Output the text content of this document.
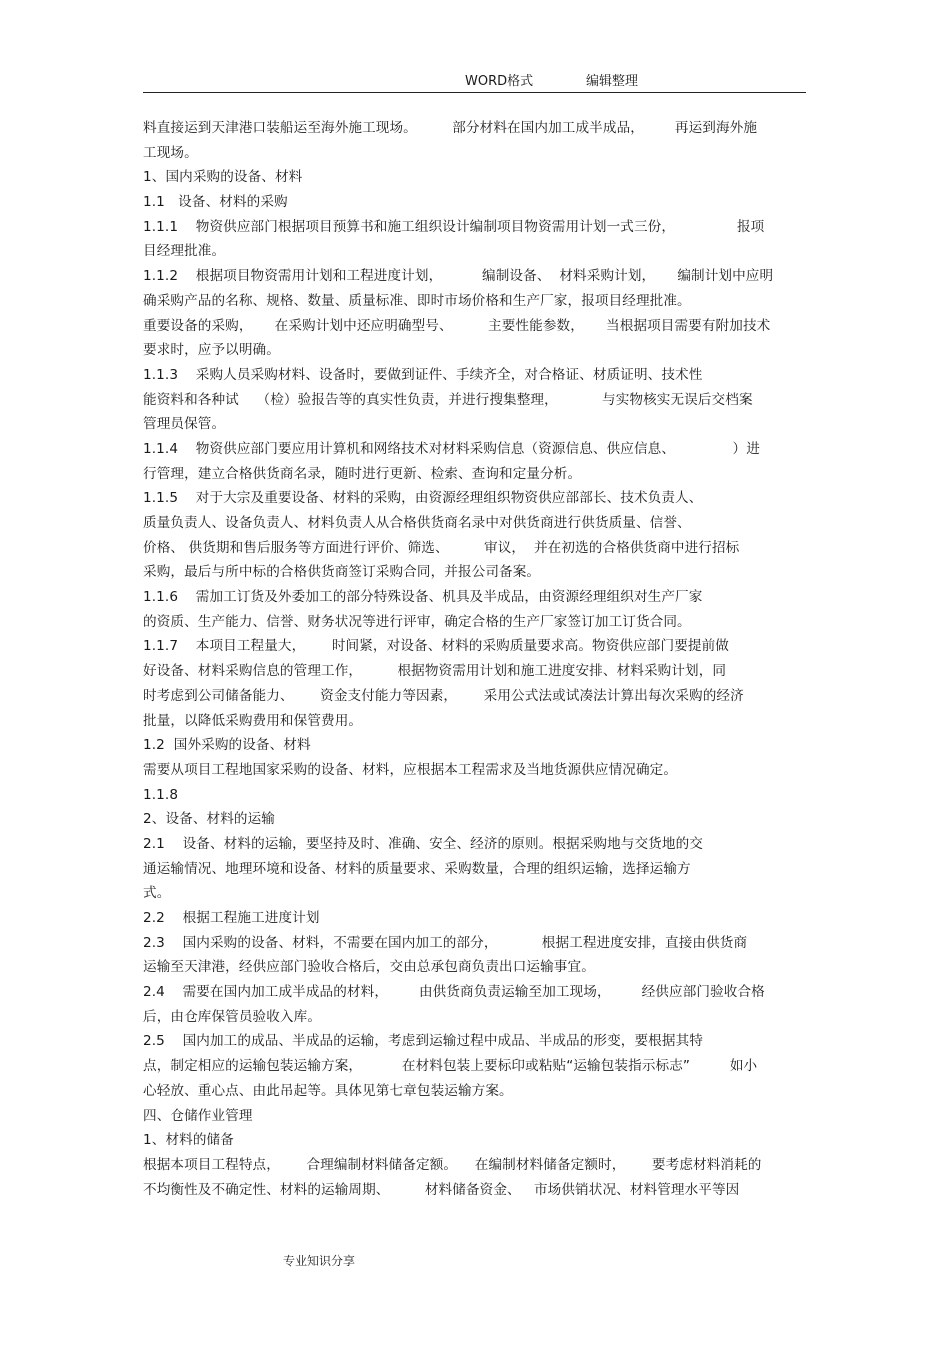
WORD格式	编辑整理
料直接运到天津港口装船运至海外施工现场。        部分材料在国内加工成半成品，       再运到海外施
工现场。
1、国内采购的设备、材料
1.1   设备、材料的采购
1.1.1    物资供应部门根据项目预算书和施工组织设计编制项目物资需用计划一式三份，              报项
目经理批准。
1.1.2    根据项目物资需用计划和工程进度计划，         编制设备、  材料采购计划，     编制计划中应明
确采购产品的名称、规格、数量、质量标准、即时市场价格和生产厂家，报项目经理批准。
重要设备的采购，     在采购计划中还应明确型号、        主要性能参数，     当根据项目需要有附加技术
要求时，应予以明确。
1.1.3    采购人员采购材料、设备时，要做到证件、手续齐全，对合格证、材质证明、技术性
能资料和各种试    （检）验报告等的真实性负责，并进行搜集整理，          与实物核实无误后交档案
管理员保管。
1.1.4    物资供应部门要应用计算机和网络技术对材料采购信息（资源信息、供应信息、             ）进
行管理，建立合格供货商名录，随时进行更新、检索、查询和定量分析。
1.1.5    对于大宗及重要设备、材料的采购，由资源经理组织物资供应部部长、技术负责人、
质量负责人、设备负责人、材料负责人从合格供货商名录中对供货商进行供货质量、信誉、
价格、 供货期和售后服务等方面进行评价、筛选、        审议，  并在初选的合格供货商中进行招标
采购，最后与所中标的合格供货商签订采购合同，并报公司备案。
1.1.6    需加工订货及外委加工的部分特殊设备、机具及半成品，由资源经理组织对生产厂家
的资质、生产能力、信誉、财务状况等进行评审，确定合格的生产厂家签订加工订货合同。
1.1.7    本项目工程量大，      时间紧，对设备、材料的采购质量要求高。物资供应部门要提前做
好设备、材料采购信息的管理工作，        根据物资需用计划和施工进度安排、材料采购计划，同
时考虑到公司储备能力、      资金支付能力等因素，      采用公式法或试凑法计算出每次采购的经济
批量，以降低采购费用和保管费用。
1.2  国外采购的设备、材料
需要从项目工程地国家采购的设备、材料，应根据本工程需求及当地货源供应情况确定。
1.1.8
2、设备、材料的运输
2.1    设备、材料的运输，要坚持及时、准确、安全、经济的原则。根据采购地与交货地的交
通运输情况、地理环境和设备、材料的质量要求、采购数量，合理的组织运输，选择运输方
式。
2.2    根据工程施工进度计划
2.3    国内采购的设备、材料，不需要在国内加工的部分，          根据工程进度安排，直接由供货商
运输至天津港，经供应部门验收合格后，交由总承包商负责出口运输事宜。
2.4    需要在国内加工成半成品的材料，       由供货商负责运输至加工现场，       经供应部门验收合格
后，由仓库保管员验收入库。
2.5    国内加工的成品、半成品的运输，考虑到运输过程中成品、半成品的形变，要根据其特
点，制定相应的运输包装运输方案，         在材料包装上要标印或粘贴“运输包装指示标志”         如小
心轻放、重心点、由此吊起等。具体见第七章包装运输方案。
四、仓储作业管理
1、材料的储备
根据本项目工程特点，      合理编制材料储备定额。    在编制材料储备定额时，      要考虑材料消耗的
不均衡性及不确定性、材料的运输周期、        材料储备资金、   市场供销状况、材料管理水平等因
专业知识分享
